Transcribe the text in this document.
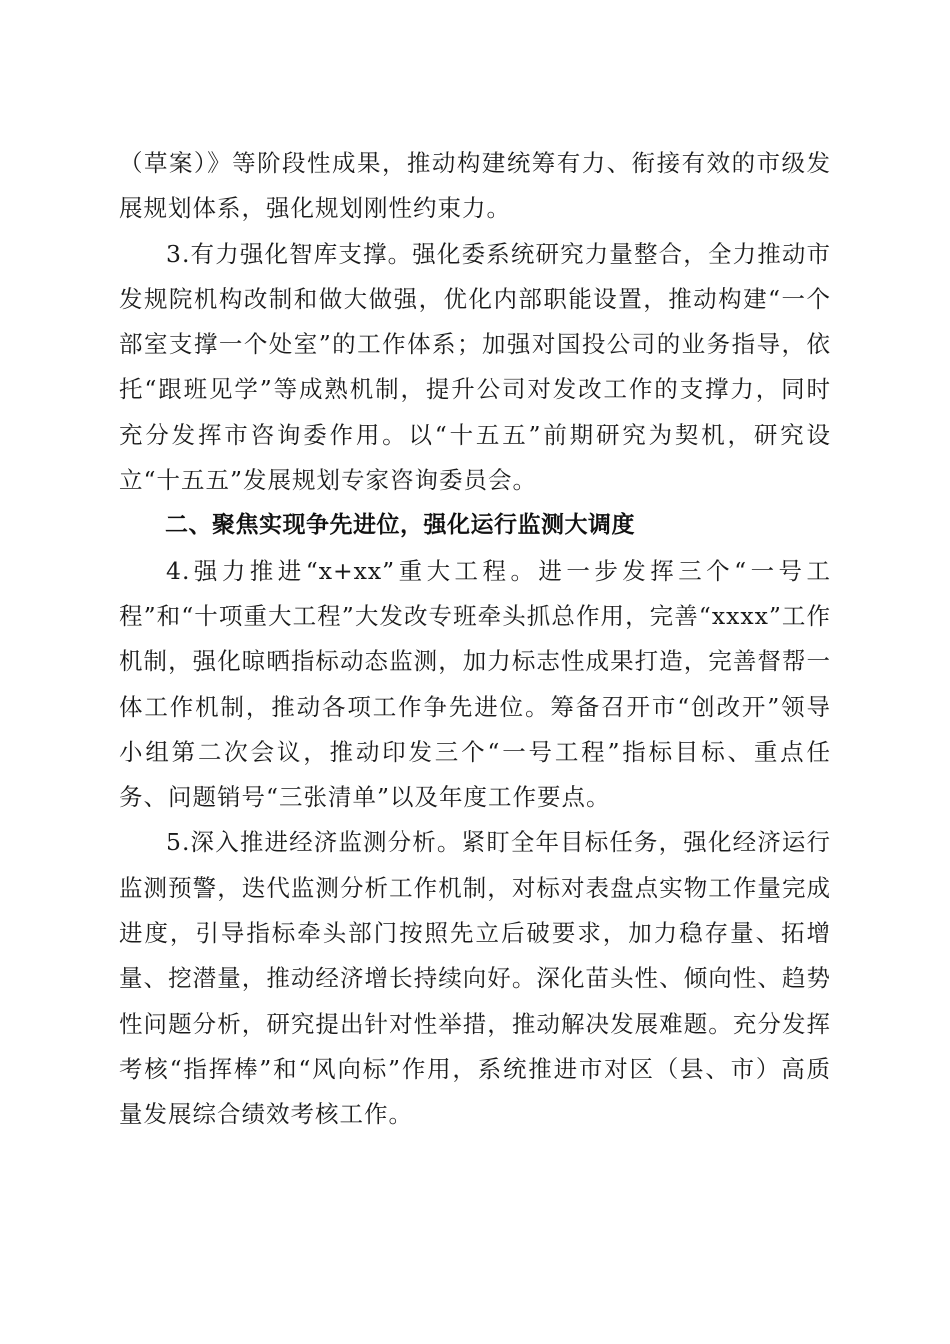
（草案）》等阶段性成果，推动构建统筹有力、衔接有效的市级发展规划体系，强化规划刚性约束力。

3.有力强化智库支撑。强化委系统研究力量整合，全力推动市发规院机构改制和做大做强，优化内部职能设置，推动构建“一个部室支撑一个处室”的工作体系；加强对国投公司的业务指导，依托“跟班见学”等成熟机制，提升公司对发改工作的支撑力，同时充分发挥市咨询委作用。以“十五五”前期研究为契机，研究设立“十五五”发展规划专家咨询委员会。

二、聚焦实现争先进位，强化运行监测大调度

4.强力推进“x+xx”重大工程。进一步发挥三个“一号工程”和“十项重大工程”大发改专班牵头抓总作用，完善“xxxx”工作机制，强化晾晒指标动态监测，加力标志性成果打造，完善督帮一体工作机制，推动各项工作争先进位。筹备召开市“创改开”领导小组第二次会议，推动印发三个“一号工程”指标目标、重点任务、问题销号“三张清单”以及年度工作要点。

5.深入推进经济监测分析。紧盯全年目标任务，强化经济运行监测预警，迭代监测分析工作机制，对标对表盘点实物工作量完成进度，引导指标牵头部门按照先立后破要求，加力稳存量、拓增量、挖潜量，推动经济增长持续向好。深化苗头性、倾向性、趋势性问题分析，研究提出针对性举措，推动解决发展难题。充分发挥考核“指挥棒”和“风向标”作用，系统推进市对区（县、市）高质量发展综合绩效考核工作。
